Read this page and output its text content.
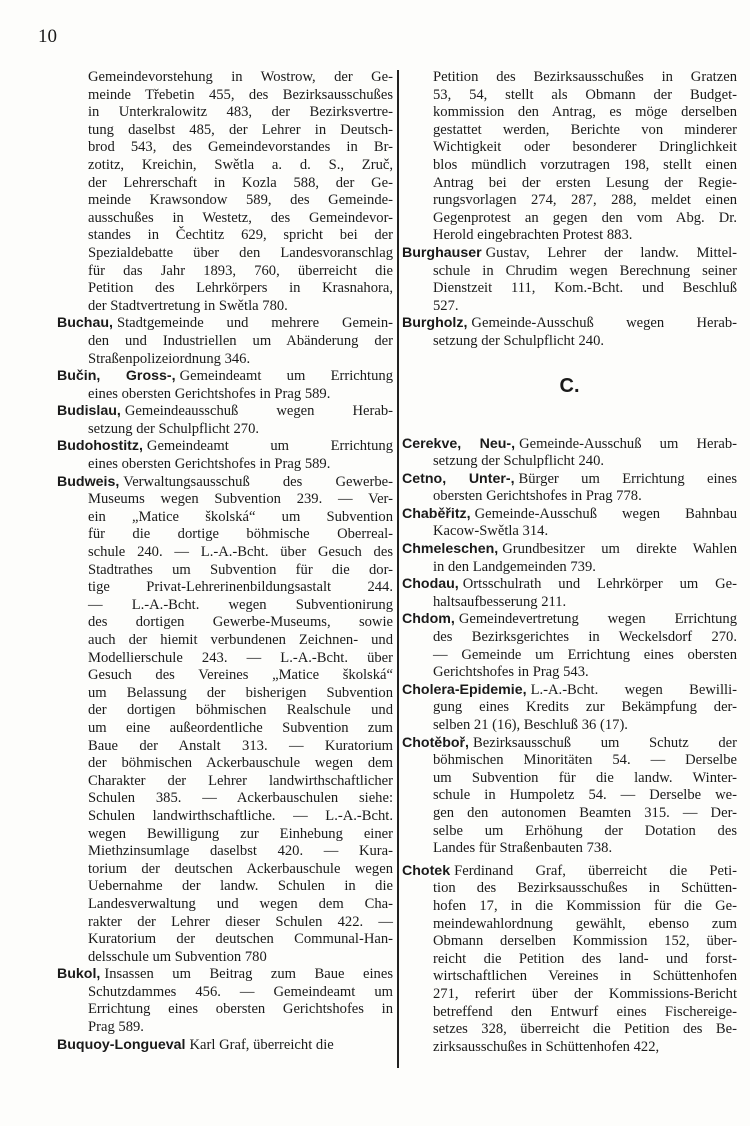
10
Gemeindevorstehung in Wostrow, der Ge-
meinde Třebetin 455, des Bezirksausschußes
in Unterkralowitz 483, der Bezirksvertre-
tung daselbst 485, der Lehrer in Deutsch-
brod 543, des Gemeindevorstandes in Br-
zotitz, Kreichin, Swětla a. d. S., Zruč,
der Lehrerschaft in Kozla 588, der Ge-
meinde Krawsondow 589, des Gemeinde-
ausschußes in Westetz, des Gemeindevor-
standes in Čechtitz 629, spricht bei der
Spezialdebatte über den Landesvoranschlag
für das Jahr 1893, 760, überreicht die
Petition des Lehrkörpers in Krasnahora,
der Stadtvertretung in Swětla 780.
Buchau, Stadtgemeinde und mehrere Gemein-
den und Industriellen um Abänderung der
Straßenpolizeiordnung 346.
Bučin, Gross-, Gemeindeamt um Errichtung
eines obersten Gerichtshofes in Prag 589.
Budislau, Gemeindeausschuß wegen Herab-
setzung der Schulpflicht 270.
Budohostitz, Gemeindeamt um Errichtung
eines obersten Gerichtshofes in Prag 589.
Budweis, Verwaltungsausschuß des Gewerbe-
Museums wegen Subvention 239. — Ver-
ein „Matice školská“ um Subvention
für die dortige böhmische Oberreal-
schule 240. — L.-A.-Bcht. über Gesuch des
Stadtrathes um Subvention für die dor-
tige Privat-Lehrerinenbildungsastalt 244.
— L.-A.-Bcht. wegen Subventionirung
des dortigen Gewerbe-Museums, sowie
auch der hiemit verbundenen Zeichnen- und
Modellierschule 243. — L.-A.-Bcht. über
Gesuch des Vereines „Matice školská“
um Belassung der bisherigen Subvention
der dortigen böhmischen Realschule und
um eine außeordentliche Subvention zum
Baue der Anstalt 313. — Kuratorium
der böhmischen Ackerbauschule wegen dem
Charakter der Lehrer landwirthschaftlicher
Schulen 385. — Ackerbauschulen siehe:
Schulen landwirthschaftliche. — L.-A.-Bcht.
wegen Bewilligung zur Einhebung einer
Miethzinsumlage daselbst 420. — Kura-
torium der deutschen Ackerbauschule wegen
Uebernahme der landw. Schulen in die
Landesverwaltung und wegen dem Cha-
rakter der Lehrer dieser Schulen 422. —
Kuratorium der deutschen Communal-Han-
delsschule um Subvention 780
Bukol, Insassen um Beitrag zum Baue eines
Schutzdammes 456. — Gemeindeamt um
Errichtung eines obersten Gerichtshofes in
Prag 589.
Buquoy-Longueval Karl Graf, überreicht die
Petition des Bezirksausschußes in Gratzen
53, 54, stellt als Obmann der Budget-
kommission den Antrag, es möge derselben
gestattet werden, Berichte von minderer
Wichtigkeit oder besonderer Dringlichkeit
blos mündlich vorzutragen 198, stellt einen
Antrag bei der ersten Lesung der Regie-
rungsvorlagen 274, 287, 288, meldet einen
Gegenprotest an gegen den vom Abg. Dr.
Herold eingebrachten Protest 883.
Burghauser Gustav, Lehrer der landw. Mittel-
schule in Chrudim wegen Berechnung seiner
Dienstzeit 111, Kom.-Bcht. und Beschluß
527.
Burgholz, Gemeinde-Ausschuß wegen Herab-
setzung der Schulpflicht 240.
C.
Cerekve, Neu-, Gemeinde-Ausschuß um Herab-
setzung der Schulpflicht 240.
Cetno, Unter-, Bürger um Errichtung eines
obersten Gerichtshofes in Prag 778.
Chaběřitz, Gemeinde-Ausschuß wegen Bahnbau
Kacow-Swětla 314.
Chmeleschen, Grundbesitzer um direkte Wahlen
in den Landgemeinden 739.
Chodau, Ortsschulrath und Lehrkörper um Ge-
haltsaufbesserung 211.
Chdom, Gemeindevertretung wegen Errichtung
des Bezirksgerichtes in Weckelsdorf 270.
— Gemeinde um Errichtung eines obersten
Gerichtshofes in Prag 543.
Cholera-Epidemie, L.-A.-Bcht. wegen Bewilli-
gung eines Kredits zur Bekämpfung der-
selben 21 (16), Beschluß 36 (17).
Chotěboř, Bezirksausschuß um Schutz der
böhmischen Minoritäten 54. — Derselbe
um Subvention für die landw. Winter-
schule in Humpoletz 54. — Derselbe we-
gen den autonomen Beamten 315. — Der-
selbe um Erhöhung der Dotation des
Landes für Straßenbauten 738.
Chotek Ferdinand Graf, überreicht die Peti-
tion des Bezirksausschußes in Schütten-
hofen 17, in die Kommission für die Ge-
meindewahlordnung gewählt, ebenso zum
Obmann derselben Kommission 152, über-
reicht die Petition des land- und forst-
wirtschaftlichen Vereines in Schüttenhofen
271, referirt über der Kommissions-Bericht
betreffend den Entwurf eines Fischereige-
setzes 328, überreicht die Petition des Be-
zirksausschußes in Schüttenhofen 422,
